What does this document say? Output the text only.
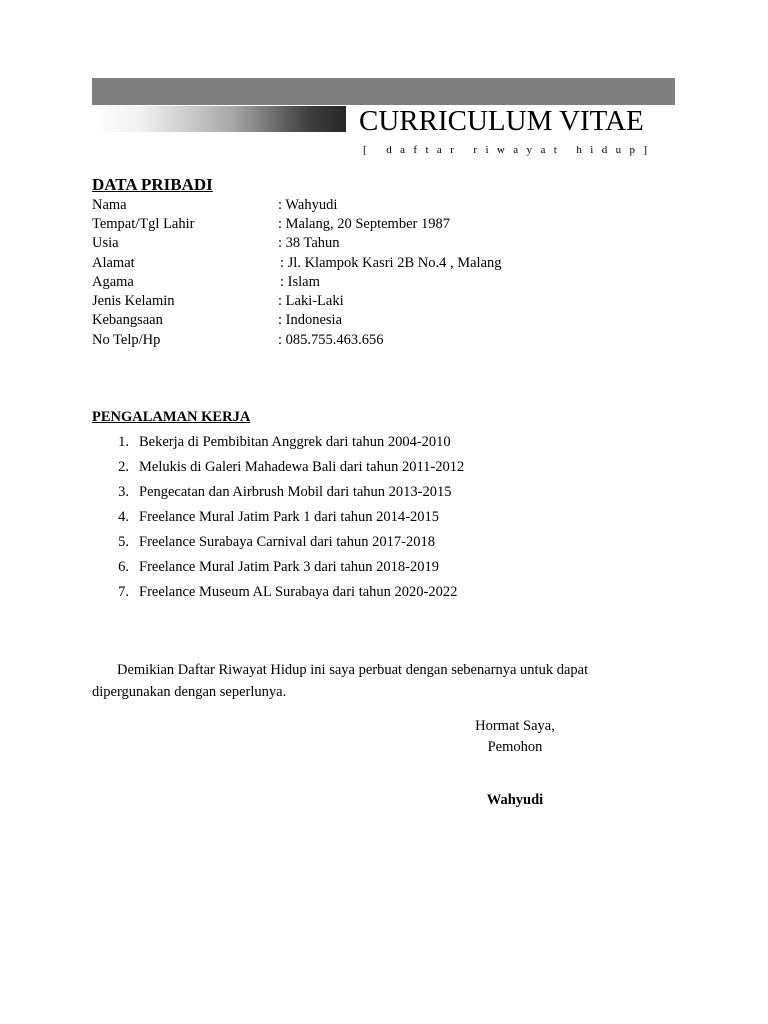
CURRICULUM VITAE
[ daftar riwayat hidup]
DATA PRIBADI
Nama	: Wahyudi
Tempat/Tgl Lahir	: Malang, 20 September 1987
Usia	: 38 Tahun
Alamat	: Jl. Klampok Kasri 2B No.4 , Malang
Agama	: Islam
Jenis Kelamin	: Laki-Laki
Kebangsaan	: Indonesia
No Telp/Hp	: 085.755.463.656
PENGALAMAN KERJA
1. Bekerja di Pembibitan Anggrek dari tahun 2004-2010
2. Melukis di Galeri Mahadewa Bali dari tahun 2011-2012
3. Pengecatan dan Airbrush Mobil dari tahun 2013-2015
4. Freelance Mural Jatim Park 1 dari tahun 2014-2015
5. Freelance Surabaya Carnival dari tahun 2017-2018
6. Freelance Mural Jatim Park 3 dari tahun 2018-2019
7. Freelance Museum AL Surabaya dari tahun 2020-2022
Demikian Daftar Riwayat Hidup ini saya perbuat dengan sebenarnya untuk dapat
dipergunakan dengan seperlunya.
Hormat Saya,
Pemohon
Wahyudi
